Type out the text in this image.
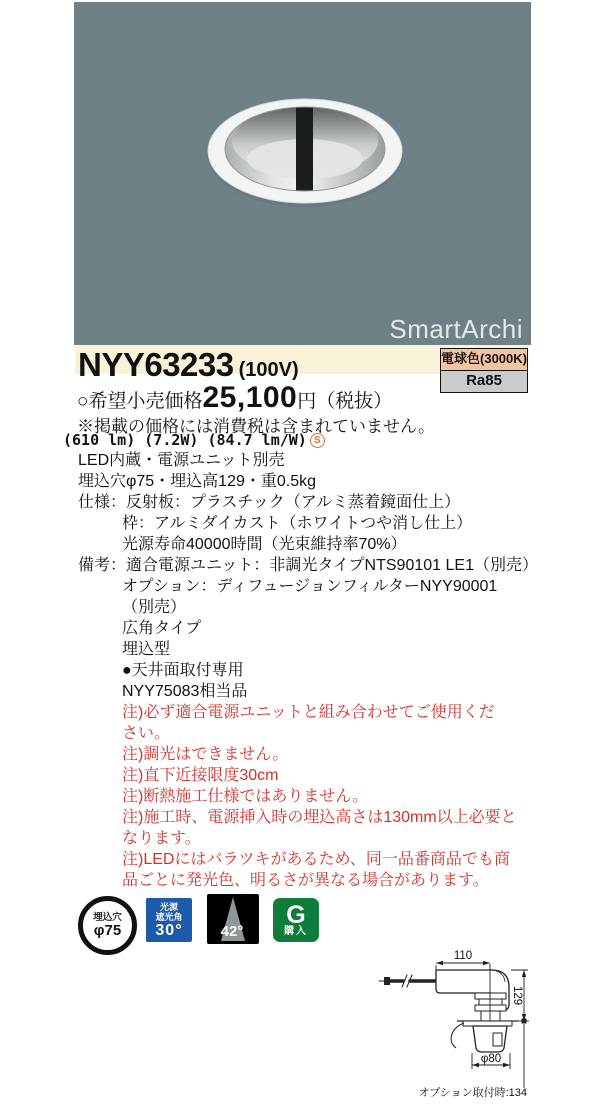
SmartArchi
NYY63233 (100V)
電球色(3000K)
Ra85
○希望小売価格25,100円（税抜）
※掲載の価格には消費税は含まれていません。
(610 lm) (7.2W) (84.7 lm/W) S
LED内蔵・電源ユニット別売
埋込穴φ75・埋込高129・重0.5kg
仕様：反射板：プラスチック（アルミ蒸着鏡面仕上）
枠：アルミダイカスト（ホワイトつや消し仕上）
光源寿命40000時間（光束維持率70%）
備考：適合電源ユニット：非調光タイプNTS90101 LE1（別売）
オプション：ディフュージョンフィルターNYY90001
（別売）
広角タイプ
埋込型
●天井面取付専用
NYY75083相当品
注)必ず適合電源ユニットと組み合わせてご使用くだ
さい。
注)調光はできません。
注)直下近接限度30cm
注)断熱施工仕様ではありません。
注)施工時、電源挿入時の埋込高さは130mm以上必要と
なります。
注)LEDにはバラツキがあるため、同一品番商品でも商
品ごとに発光色、明るさが異なる場合があります。
埋込穴
φ75
光源
遮光角
30°	42°
G
購入
110
129
φ80
オプション取付時:134
